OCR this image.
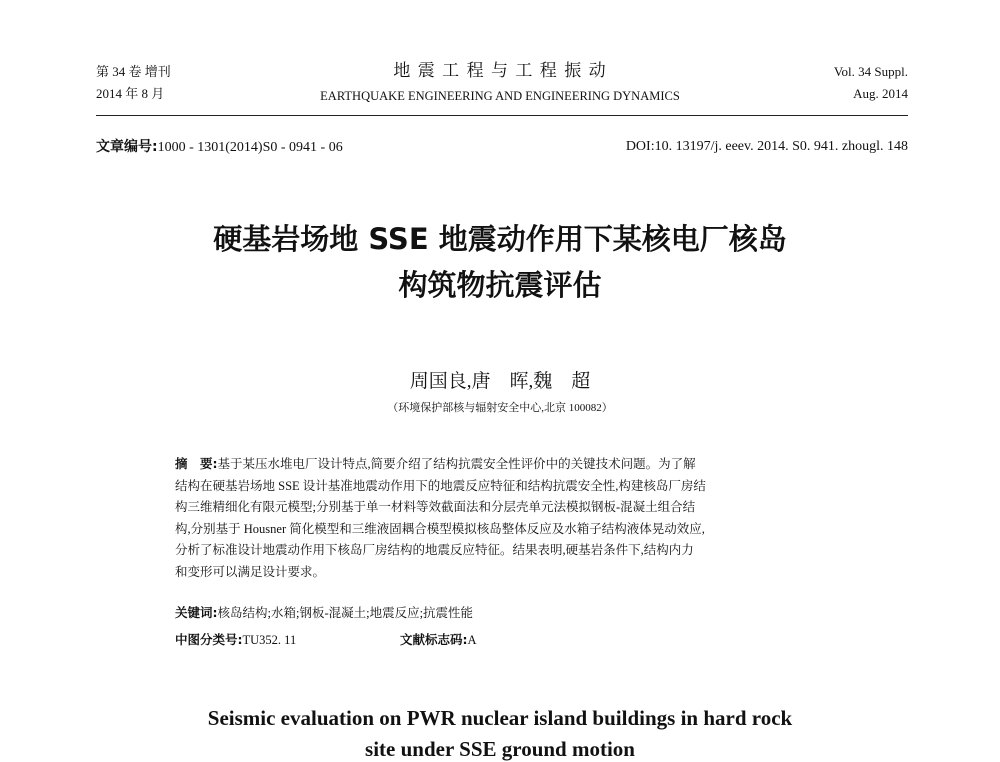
第 34 卷 增刊
2014 年 8 月
地 震 工 程 与 工 程 振 动
EARTHQUAKE ENGINEERING AND ENGINEERING DYNAMICS
Vol. 34 Suppl.
Aug. 2014
文章编号:1000 - 1301(2014)S0 - 0941 - 06	DOI:10. 13197/j. eeev. 2014. S0. 941. zhougl. 148
硬基岩场地 SSE 地震动作用下某核电厂核岛
构筑物抗震评估
周国良,唐　晖,魏　超
（环境保护部核与辐射安全中心,北京 100082）
摘　要:基于某压水堆电厂设计特点,简要介绍了结构抗震安全性评价中的关键技术问题。为了解
结构在硬基岩场地 SSE 设计基准地震动作用下的地震反应特征和结构抗震安全性,构建核岛厂房结
构三维精细化有限元模型;分别基于单一材料等效截面法和分层壳单元法模拟钢板-混凝土组合结
构,分别基于 Housner 简化模型和三维液固耦合模型模拟核岛整体反应及水箱子结构液体晃动效应,
分析了标准设计地震动作用下核岛厂房结构的地震反应特征。结果表明,硬基岩条件下,结构内力
和变形可以满足设计要求。
关键词:核岛结构;水箱;钢板-混凝土;地震反应;抗震性能
中图分类号:TU352. 11	文献标志码:A
Seismic evaluation on PWR nuclear island buildings in hard rock
site under SSE ground motion
